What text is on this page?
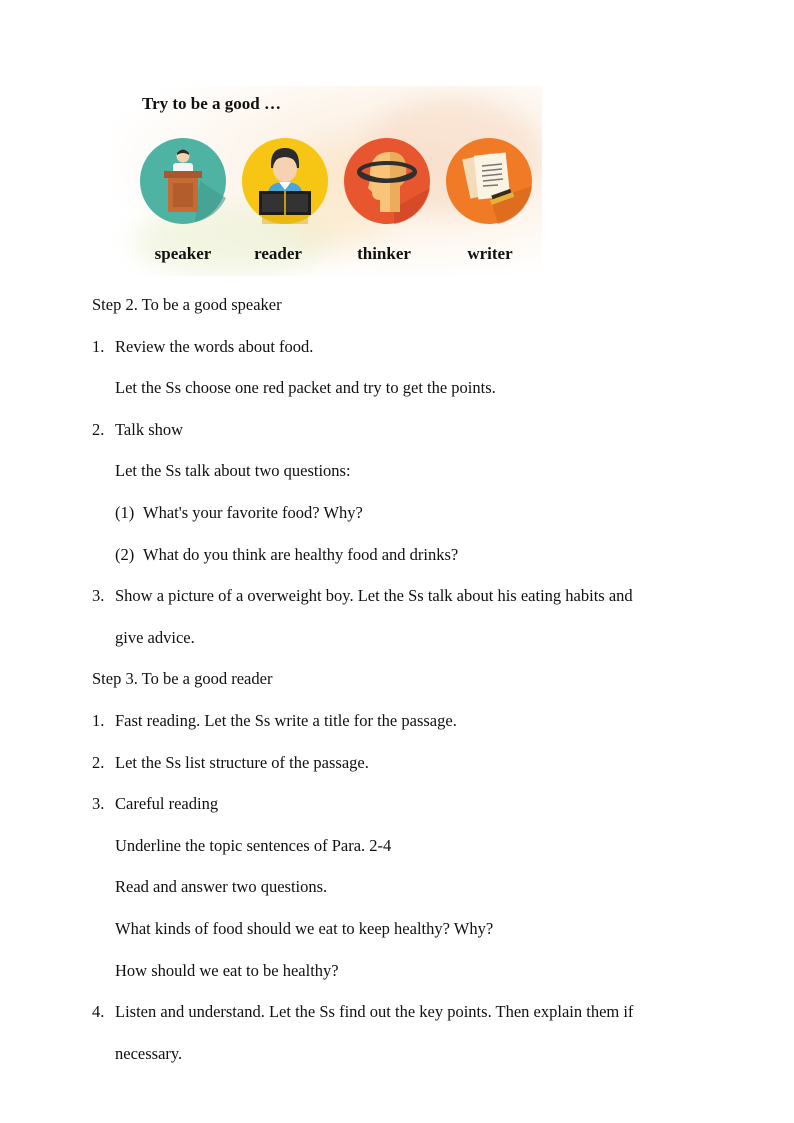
Try to be a good …
speaker	reader	thinker	writer
Step 2. To be a good speaker
1. Review the words about food.
Let the Ss choose one red packet and try to get the points.
2. Talk show
Let the Ss talk about two questions:
(1) What's your favorite food? Why?
(2) What do you think are healthy food and drinks?
3. Show a picture of a overweight boy. Let the Ss talk about his eating habits and
give advice.
Step 3. To be a good reader
1. Fast reading. Let the Ss write a title for the passage.
2. Let the Ss list structure of the passage.
3. Careful reading
Underline the topic sentences of Para. 2-4
Read and answer two questions.
What kinds of food should we eat to keep healthy? Why?
How should we eat to be healthy?
4. Listen and understand. Let the Ss find out the key points. Then explain them if
necessary.
